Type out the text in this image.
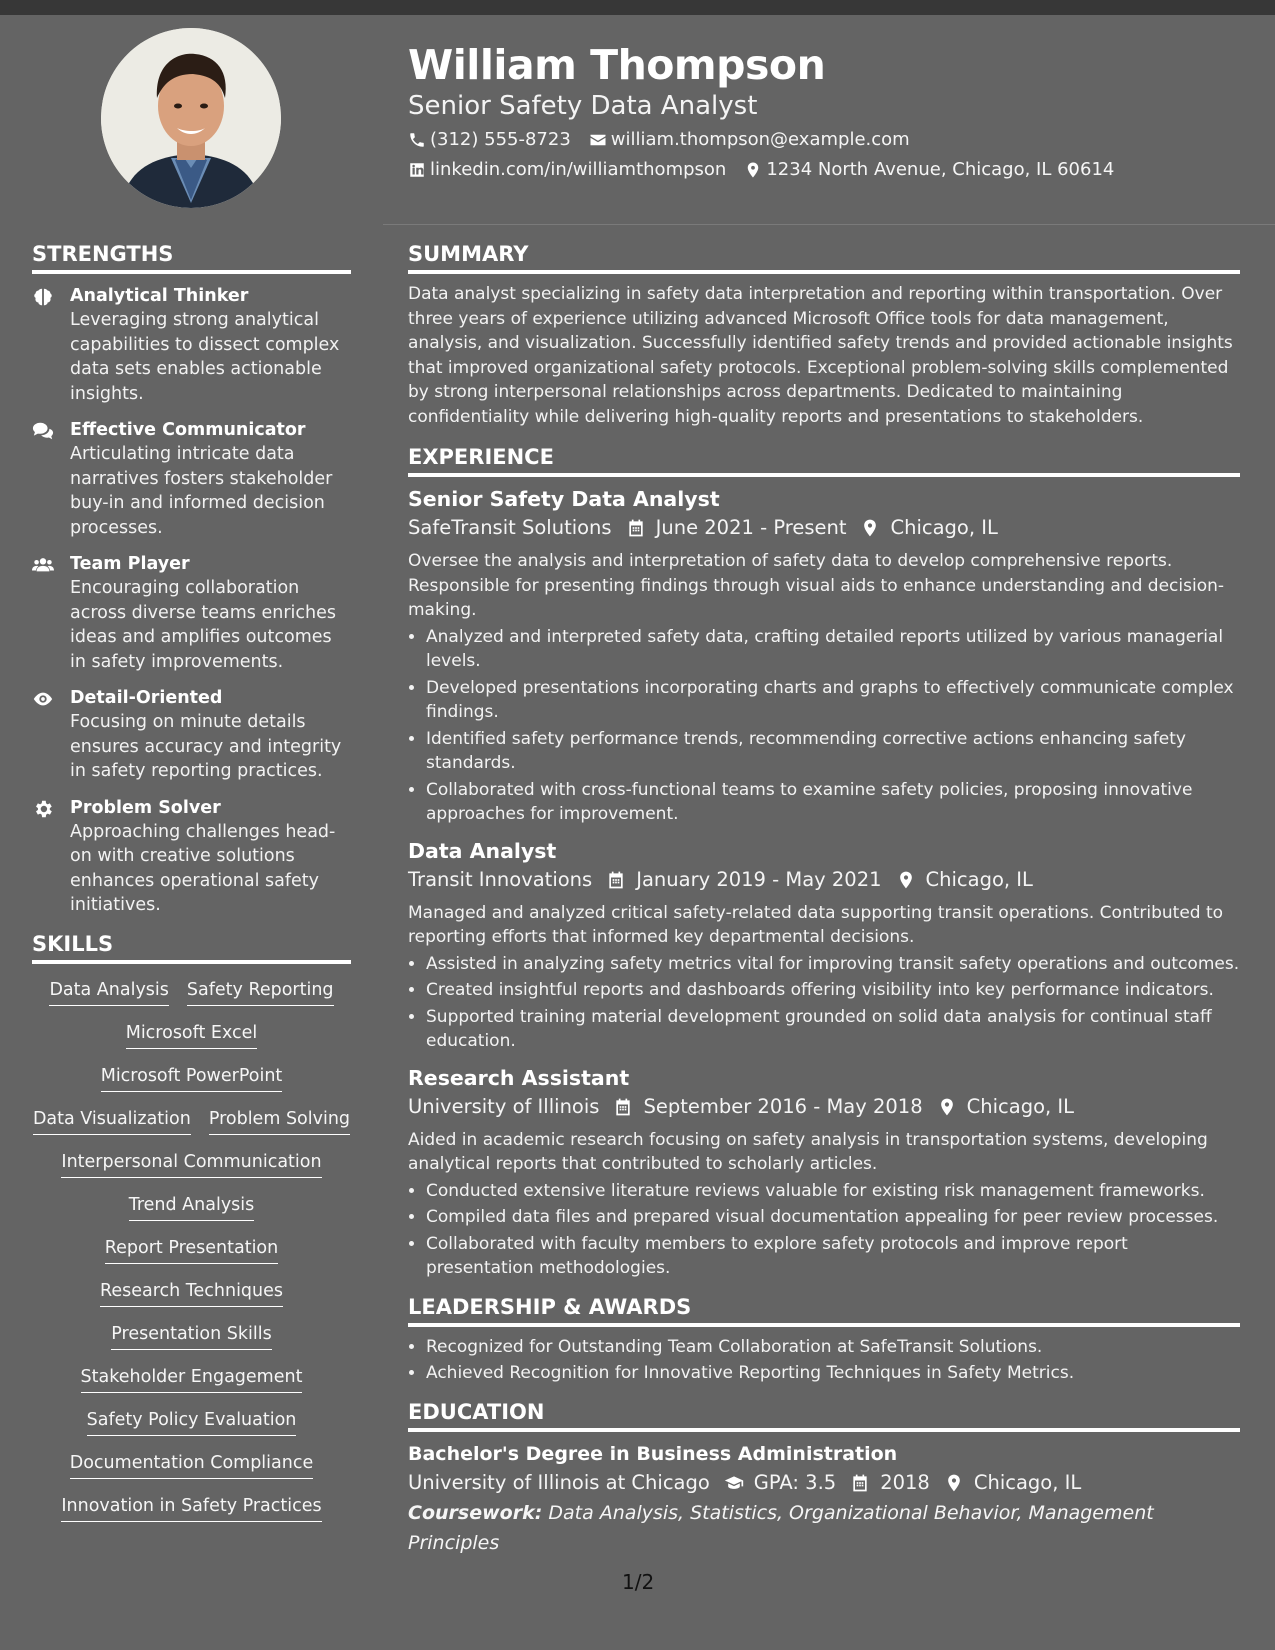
William Thompson
Senior Safety Data Analyst
(312) 555-8723 william.thompson@example.com
linkedin.com/in/williamthompson 1234 North Avenue, Chicago, IL 60614
STRENGTHS
Analytical Thinker
Leveraging strong analytical capabilities to dissect complex data sets enables actionable insights.
Effective Communicator
Articulating intricate data narratives fosters stakeholder buy-in and informed decision processes.
Team Player
Encouraging collaboration across diverse teams enriches ideas and amplifies outcomes in safety improvements.
Detail-Oriented
Focusing on minute details ensures accuracy and integrity in safety reporting practices.
Problem Solver
Approaching challenges head-on with creative solutions enhances operational safety initiatives.
SKILLS
Data Analysis Safety Reporting
Microsoft Excel
Microsoft PowerPoint
Data Visualization Problem Solving
Interpersonal Communication
Trend Analysis
Report Presentation
Research Techniques
Presentation Skills
Stakeholder Engagement
Safety Policy Evaluation
Documentation Compliance
Innovation in Safety Practices
SUMMARY
Data analyst specializing in safety data interpretation and reporting within transportation. Over three years of experience utilizing advanced Microsoft Office tools for data management, analysis, and visualization. Successfully identified safety trends and provided actionable insights that improved organizational safety protocols. Exceptional problem-solving skills complemented by strong interpersonal relationships across departments. Dedicated to maintaining confidentiality while delivering high-quality reports and presentations to stakeholders.
EXPERIENCE
Senior Safety Data Analyst
SafeTransit Solutions June 2021 - Present Chicago, IL
Oversee the analysis and interpretation of safety data to develop comprehensive reports. Responsible for presenting findings through visual aids to enhance understanding and decision-making.
• Analyzed and interpreted safety data, crafting detailed reports utilized by various managerial levels.
• Developed presentations incorporating charts and graphs to effectively communicate complex findings.
• Identified safety performance trends, recommending corrective actions enhancing safety standards.
• Collaborated with cross-functional teams to examine safety policies, proposing innovative approaches for improvement.
Data Analyst
Transit Innovations January 2019 - May 2021 Chicago, IL
Managed and analyzed critical safety-related data supporting transit operations. Contributed to reporting efforts that informed key departmental decisions.
• Assisted in analyzing safety metrics vital for improving transit safety operations and outcomes.
• Created insightful reports and dashboards offering visibility into key performance indicators.
• Supported training material development grounded on solid data analysis for continual staff education.
Research Assistant
University of Illinois September 2016 - May 2018 Chicago, IL
Aided in academic research focusing on safety analysis in transportation systems, developing analytical reports that contributed to scholarly articles.
• Conducted extensive literature reviews valuable for existing risk management frameworks.
• Compiled data files and prepared visual documentation appealing for peer review processes.
• Collaborated with faculty members to explore safety protocols and improve report presentation methodologies.
LEADERSHIP & AWARDS
• Recognized for Outstanding Team Collaboration at SafeTransit Solutions.
• Achieved Recognition for Innovative Reporting Techniques in Safety Metrics.
EDUCATION
Bachelor's Degree in Business Administration
University of Illinois at Chicago GPA: 3.5 2018 Chicago, IL
Coursework: Data Analysis, Statistics, Organizational Behavior, Management Principles
1/2
